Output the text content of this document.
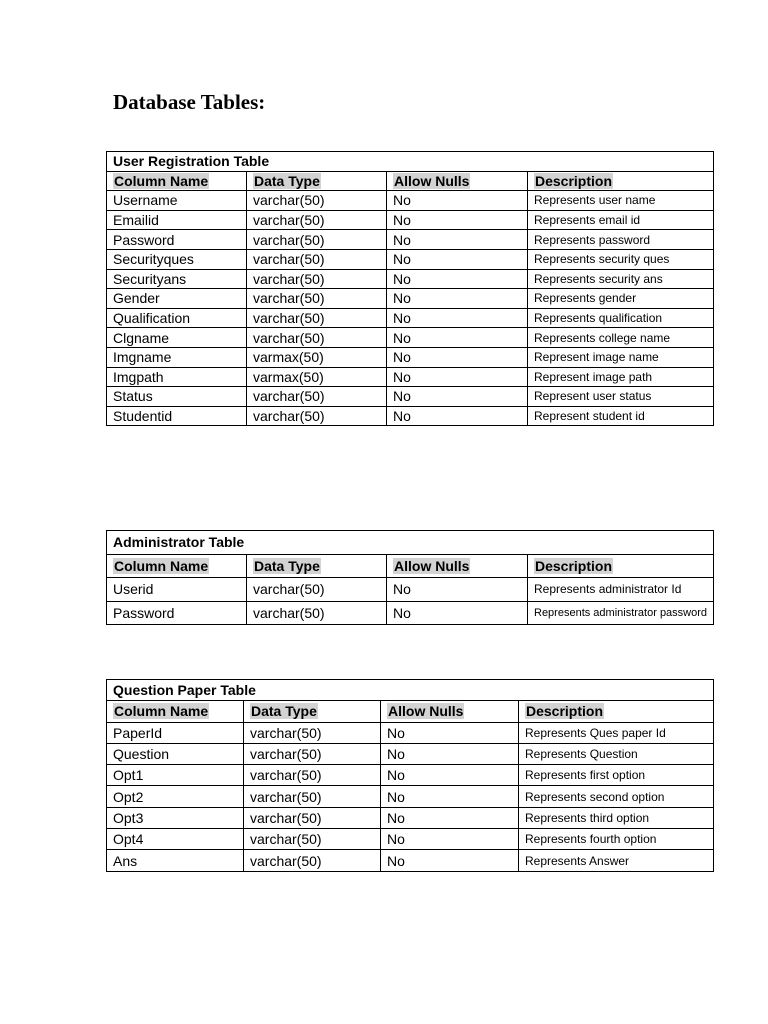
Database Tables:
User Registration Table			
Column Name	Data Type	Allow Nulls	Description
Username	varchar(50)	No	Represents user name
Emailid	varchar(50)	No	Represents email id
Password	varchar(50)	No	Represents password
Securityques	varchar(50)	No	Represents security ques
Securityans	varchar(50)	No	Represents security ans
Gender	varchar(50)	No	Represents gender
Qualification	varchar(50)	No	Represents qualification
Clgname	varchar(50)	No	Represents college name
Imgname	varmax(50)	No	Represent image name
Imgpath	varmax(50)	No	Represent image path
Status	varchar(50)	No	Represent user status
Studentid	varchar(50)	No	Represent student id
Administrator Table			
Column Name	Data Type	Allow Nulls	Description
Userid	varchar(50)	No	Represents administrator Id
Password	varchar(50)	No	Represents administrator password
Question Paper Table			
Column Name	Data Type	Allow Nulls	Description
PaperId	varchar(50)	No	Represents Ques paper Id
Question	varchar(50)	No	Represents Question
Opt1	varchar(50)	No	Represents first option
Opt2	varchar(50)	No	Represents second option
Opt3	varchar(50)	No	Represents third option
Opt4	varchar(50)	No	Represents fourth option
Ans	varchar(50)	No	Represents Answer
